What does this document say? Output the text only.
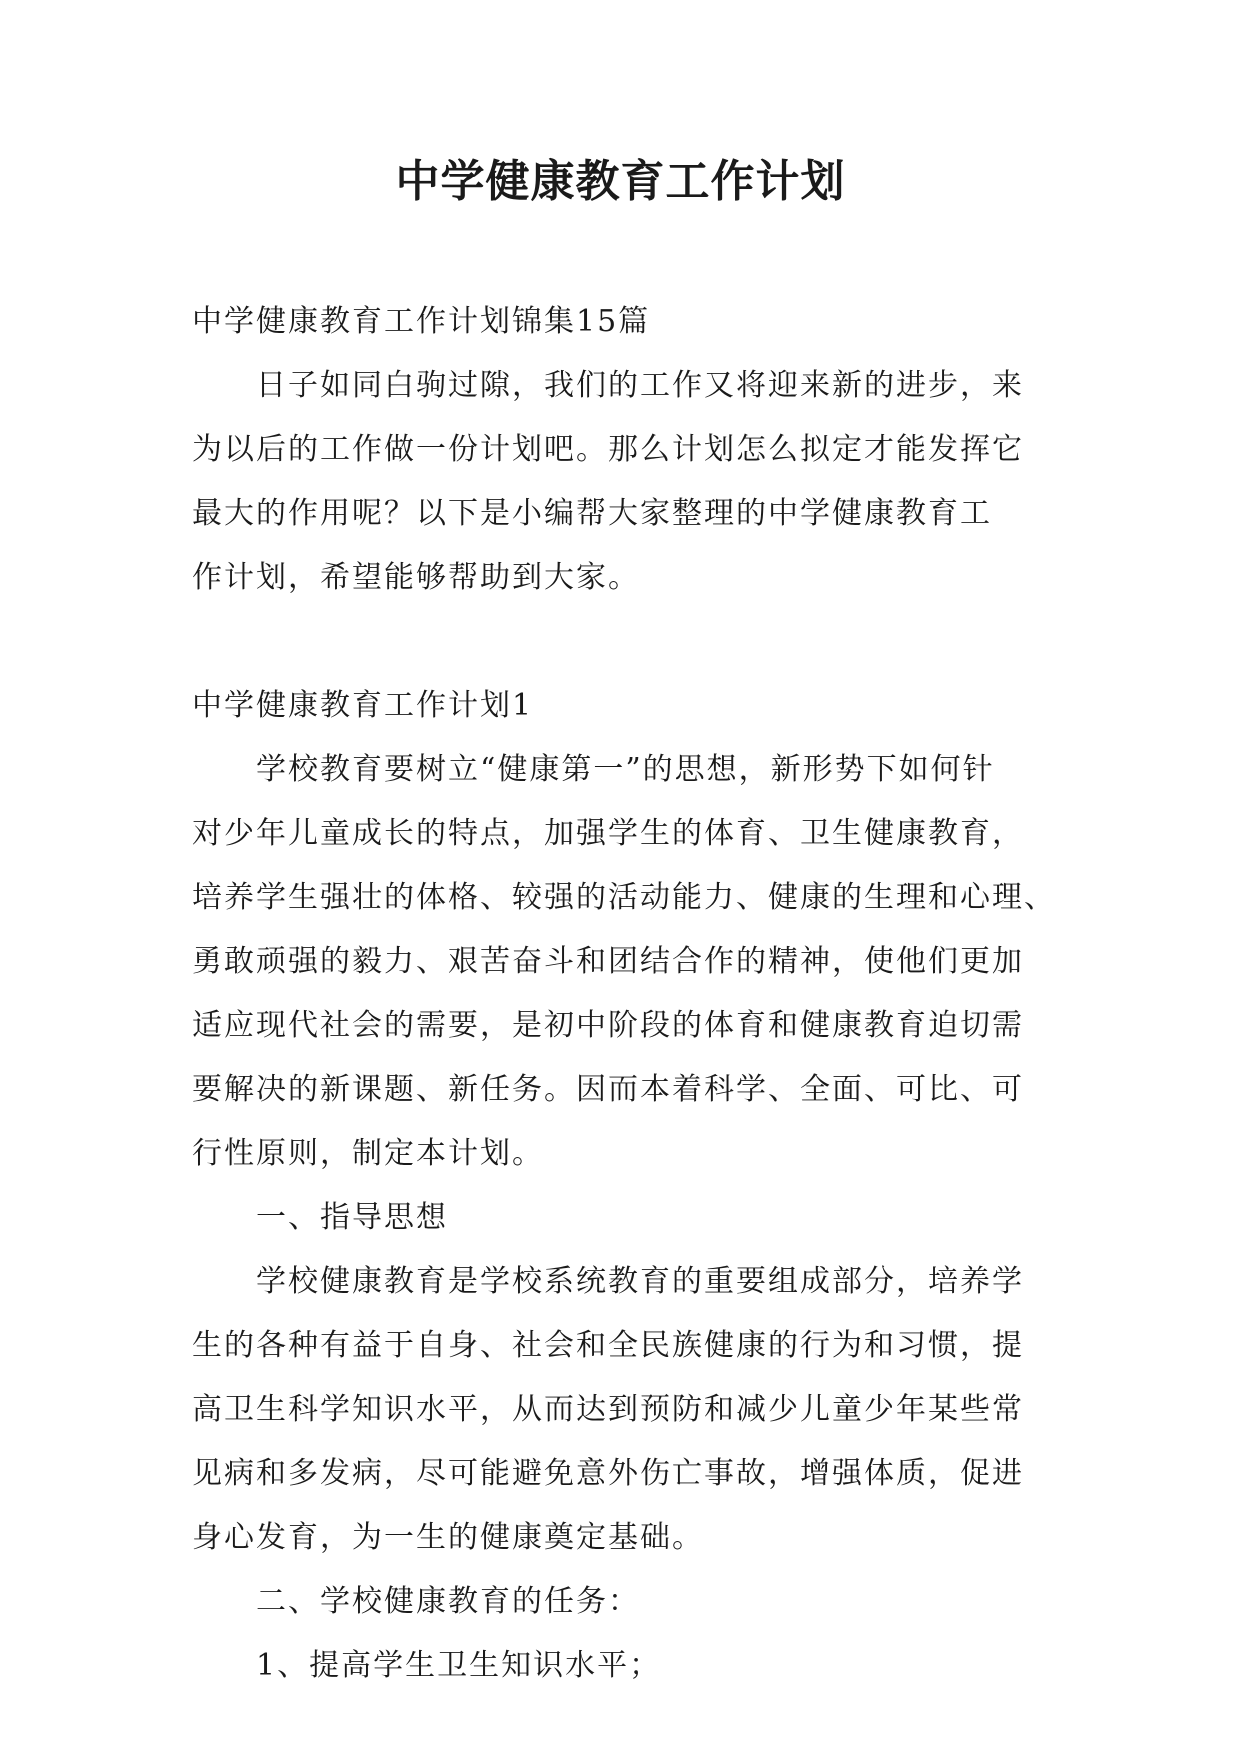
中学健康教育工作计划
中学健康教育工作计划锦集15篇
日子如同白驹过隙，我们的工作又将迎来新的进步，来
为以后的工作做一份计划吧。那么计划怎么拟定才能发挥它
最大的作用呢？以下是小编帮大家整理的中学健康教育工
作计划，希望能够帮助到大家。
中学健康教育工作计划1
学校教育要树立“健康第一”的思想，新形势下如何针
对少年儿童成长的特点，加强学生的体育、卫生健康教育，
培养学生强壮的体格、较强的活动能力、健康的生理和心理、
勇敢顽强的毅力、艰苦奋斗和团结合作的精神，使他们更加
适应现代社会的需要，是初中阶段的体育和健康教育迫切需
要解决的新课题、新任务。因而本着科学、全面、可比、可
行性原则，制定本计划。
一、指导思想
学校健康教育是学校系统教育的重要组成部分，培养学
生的各种有益于自身、社会和全民族健康的行为和习惯，提
高卫生科学知识水平，从而达到预防和减少儿童少年某些常
见病和多发病，尽可能避免意外伤亡事故，增强体质，促进
身心发育，为一生的健康奠定基础。
二、学校健康教育的任务：
1、提高学生卫生知识水平；
